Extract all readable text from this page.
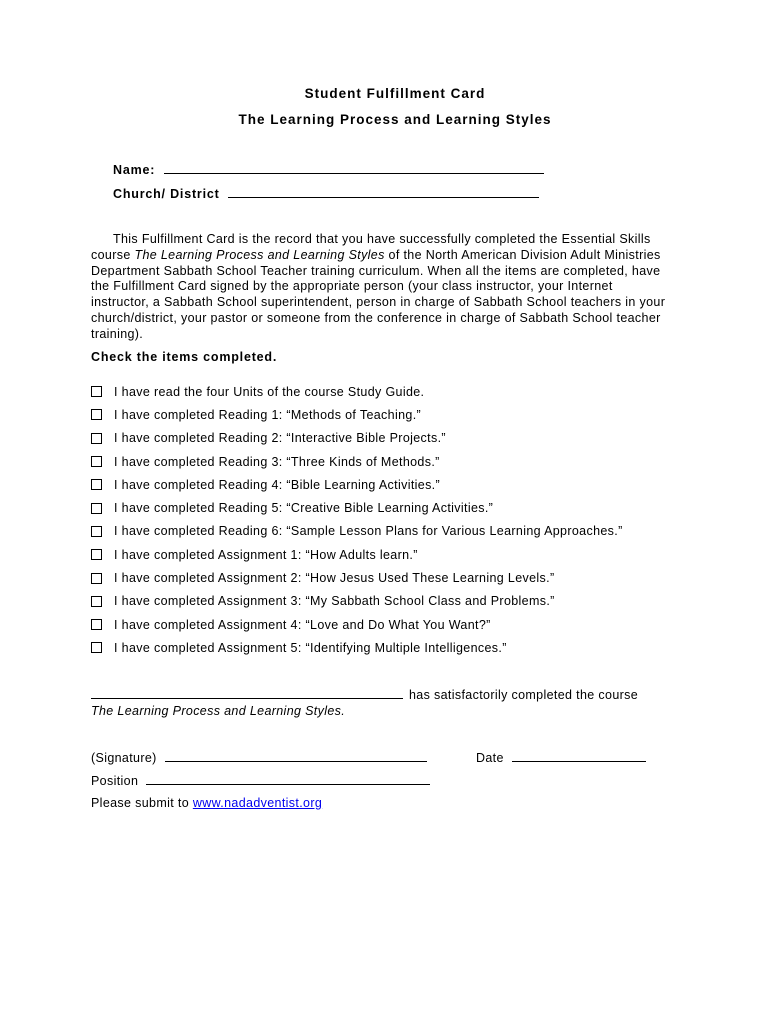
Student Fulfillment Card
The Learning Process and Learning Styles
Name:
Church/ District
This Fulfillment Card is the record that you have successfully completed the Essential Skills course The Learning Process and Learning Styles of the North American Division Adult Ministries Department Sabbath School Teacher training curriculum. When all the items are completed, have the Fulfillment Card signed by the appropriate person (your class instructor, your Internet instructor, a Sabbath School superintendent, person in charge of Sabbath School teachers in your church/district, your pastor or someone from the conference in charge of Sabbath School teacher training).
Check the items completed.
I have read the four Units of the course Study Guide.
I have completed Reading 1: “Methods of Teaching.”
I have completed Reading 2: “Interactive Bible Projects.”
I have completed Reading 3: “Three Kinds of Methods.”
I have completed Reading 4: “Bible Learning Activities.”
I have completed Reading 5: “Creative Bible Learning Activities.”
I have completed Reading 6: “Sample Lesson Plans for Various Learning Approaches.”
I have completed Assignment 1: “How Adults learn.”
I have completed Assignment 2: “How Jesus Used These Learning Levels.”
I have completed Assignment 3: “My Sabbath School Class and Problems.”
I have completed Assignment 4: “Love and Do What You Want?”
I have completed Assignment 5: “Identifying Multiple Intelligences.”
has satisfactorily completed the course
The Learning Process and Learning Styles.
(Signature)	Date
Position
Please submit to www.nadadventist.org
